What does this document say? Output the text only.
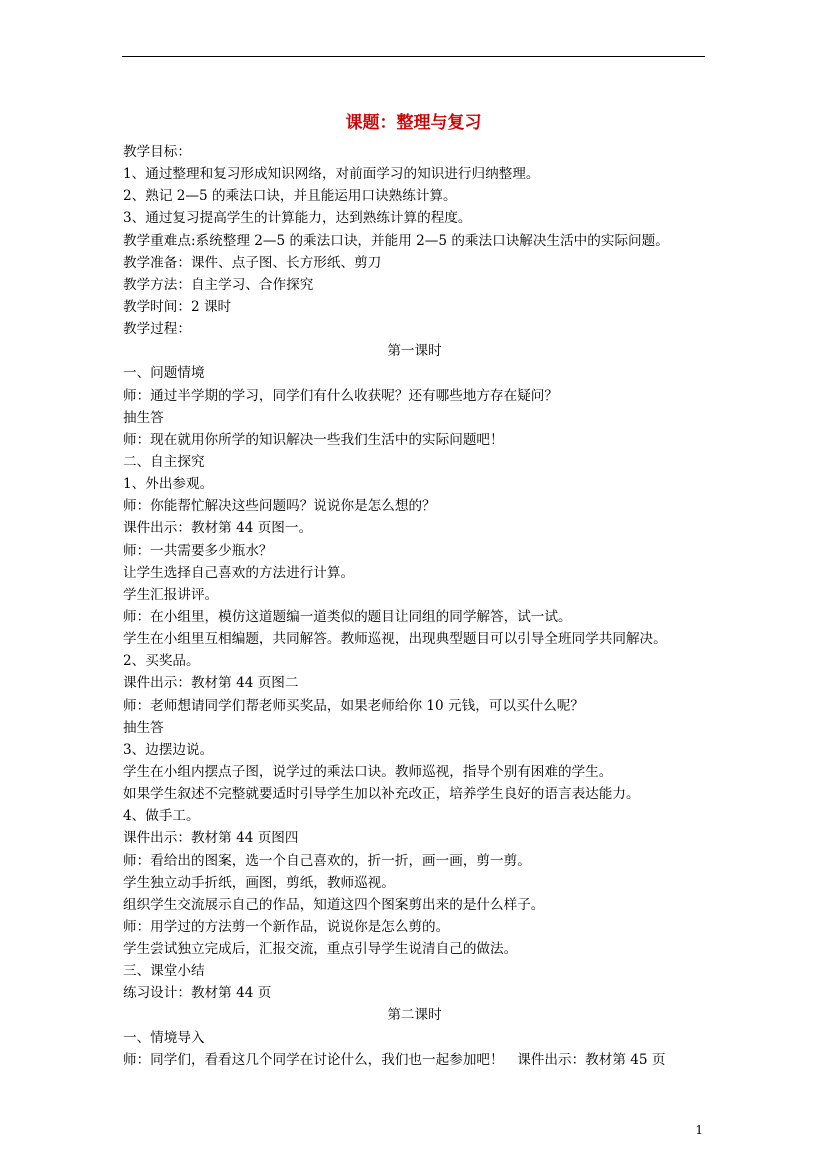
课题：整理与复习
教学目标：
1、通过整理和复习形成知识网络，对前面学习的知识进行归纳整理。
2、熟记 2—5 的乘法口诀，并且能运用口诀熟练计算。
3、通过复习提高学生的计算能力，达到熟练计算的程度。
教学重难点:系统整理 2—5 的乘法口诀，并能用 2—5 的乘法口诀解决生活中的实际问题。
教学准备：课件、点子图、长方形纸、剪刀
教学方法：自主学习、合作探究
教学时间：2 课时
教学过程：
第一课时
一、问题情境
师：通过半学期的学习，同学们有什么收获呢？还有哪些地方存在疑问？
抽生答
师：现在就用你所学的知识解决一些我们生活中的实际问题吧！
二、自主探究
1、外出参观。
师：你能帮忙解决这些问题吗？说说你是怎么想的？
课件出示：教材第 44 页图一。
师：一共需要多少瓶水？
让学生选择自己喜欢的方法进行计算。
学生汇报讲评。
师：在小组里，模仿这道题编一道类似的题目让同组的同学解答，试一试。
学生在小组里互相编题，共同解答。教师巡视，出现典型题目可以引导全班同学共同解决。
2、买奖品。
课件出示：教材第 44 页图二
师：老师想请同学们帮老师买奖品，如果老师给你 10 元钱，可以买什么呢？
抽生答
3、边摆边说。
学生在小组内摆点子图，说学过的乘法口诀。教师巡视，指导个别有困难的学生。
如果学生叙述不完整就要适时引导学生加以补充改正，培养学生良好的语言表达能力。
4、做手工。
课件出示：教材第 44 页图四
师：看给出的图案，选一个自己喜欢的，折一折，画一画，剪一剪。
学生独立动手折纸，画图，剪纸，教师巡视。
组织学生交流展示自己的作品，知道这四个图案剪出来的是什么样子。
师：用学过的方法剪一个新作品，说说你是怎么剪的。
学生尝试独立完成后，汇报交流，重点引导学生说清自己的做法。
三、课堂小结
练习设计：教材第 44 页
第二课时
一、情境导入
师：同学们，看看这几个同学在讨论什么，我们也一起参加吧！　课件出示：教材第 45 页
1
